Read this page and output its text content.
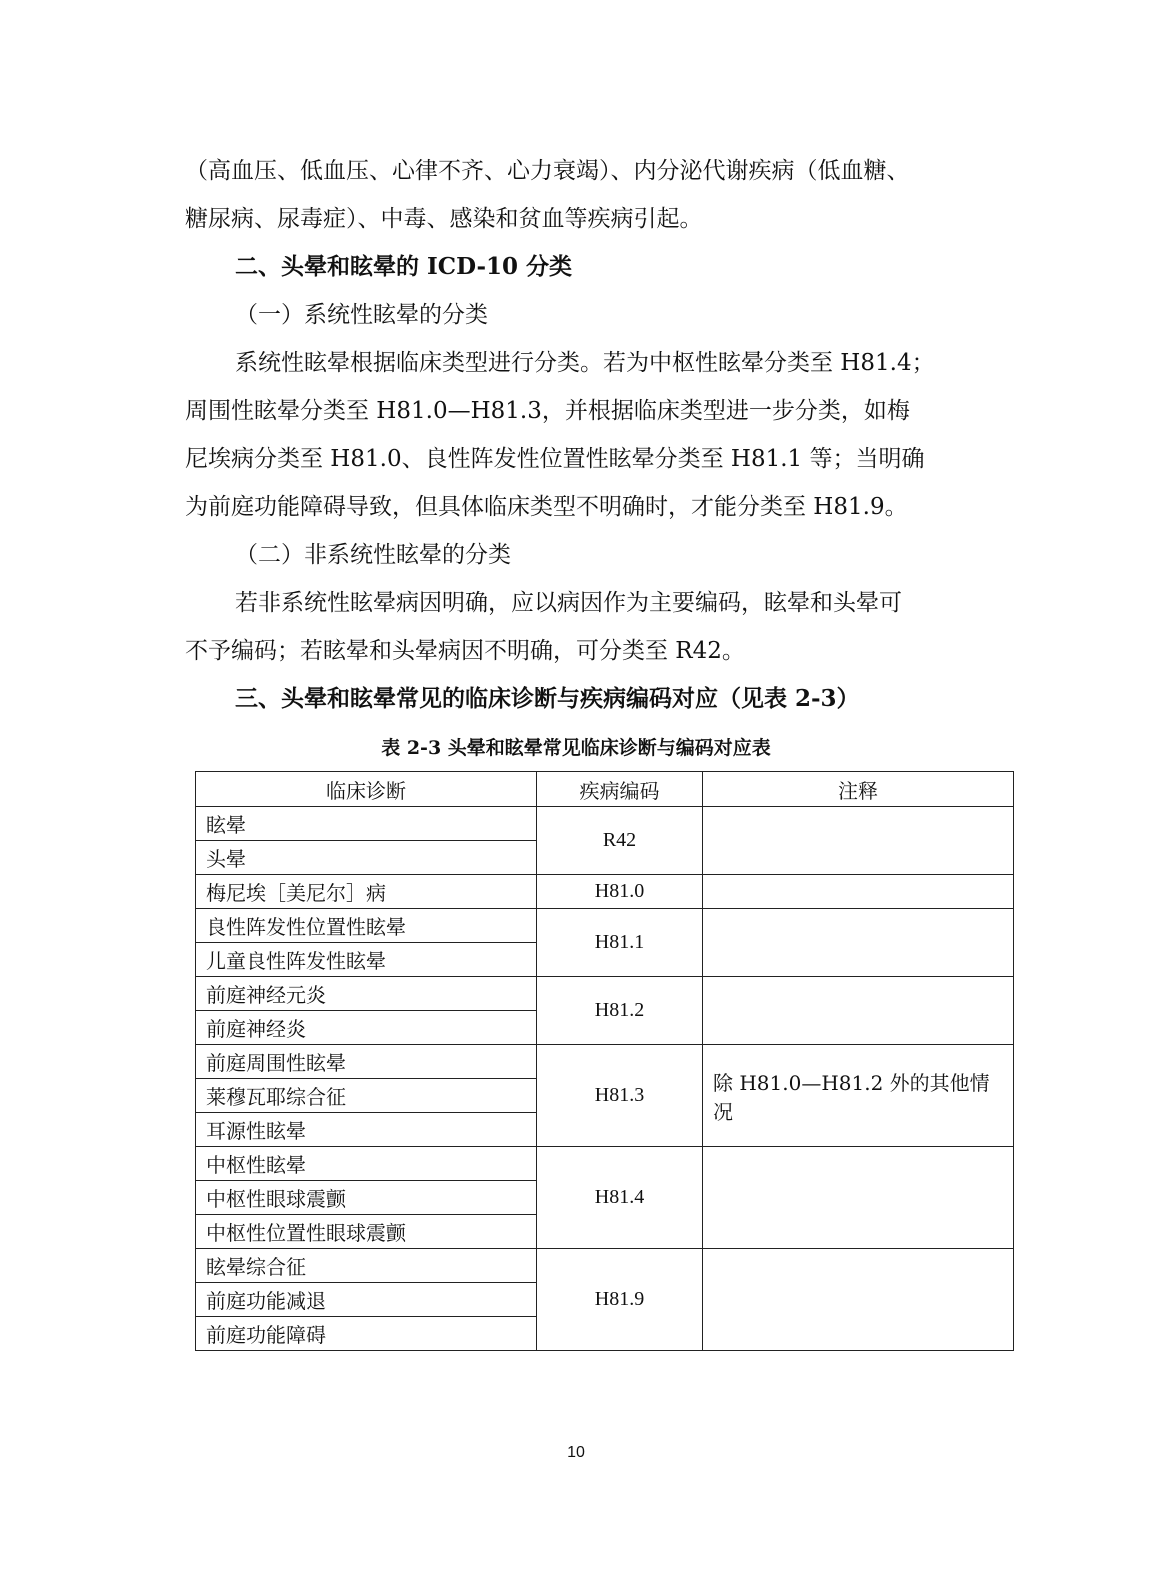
（高血压、低血压、心律不齐、心力衰竭）、内分泌代谢疾病（低血糖、
糖尿病、尿毒症）、中毒、感染和贫血等疾病引起。
二、头晕和眩晕的 ICD-10 分类
（一）系统性眩晕的分类
系统性眩晕根据临床类型进行分类。若为中枢性眩晕分类至 H81.4；
周围性眩晕分类至 H81.0—H81.3，并根据临床类型进一步分类，如梅
尼埃病分类至 H81.0、良性阵发性位置性眩晕分类至 H81.1 等；当明确
为前庭功能障碍导致，但具体临床类型不明确时，才能分类至 H81.9。
（二）非系统性眩晕的分类
若非系统性眩晕病因明确，应以病因作为主要编码，眩晕和头晕可
不予编码；若眩晕和头晕病因不明确，可分类至 R42。
三、头晕和眩晕常见的临床诊断与疾病编码对应（见表 2-3）
表 2-3 头晕和眩晕常见临床诊断与编码对应表
临床诊断	疾病编码	注释
眩晕	R42	
头晕		
梅尼埃［美尼尔］病	H81.0	
良性阵发性位置性眩晕	H81.1	
儿童良性阵发性眩晕		
前庭神经元炎	H81.2	
前庭神经炎		
前庭周围性眩晕	H81.3	除 H81.0—H81.2 外的其他情况
莱穆瓦耶综合征		
耳源性眩晕		
中枢性眩晕	H81.4	
中枢性眼球震颤		
中枢性位置性眼球震颤		
眩晕综合征	H81.9	
前庭功能减退		
前庭功能障碍		
10
